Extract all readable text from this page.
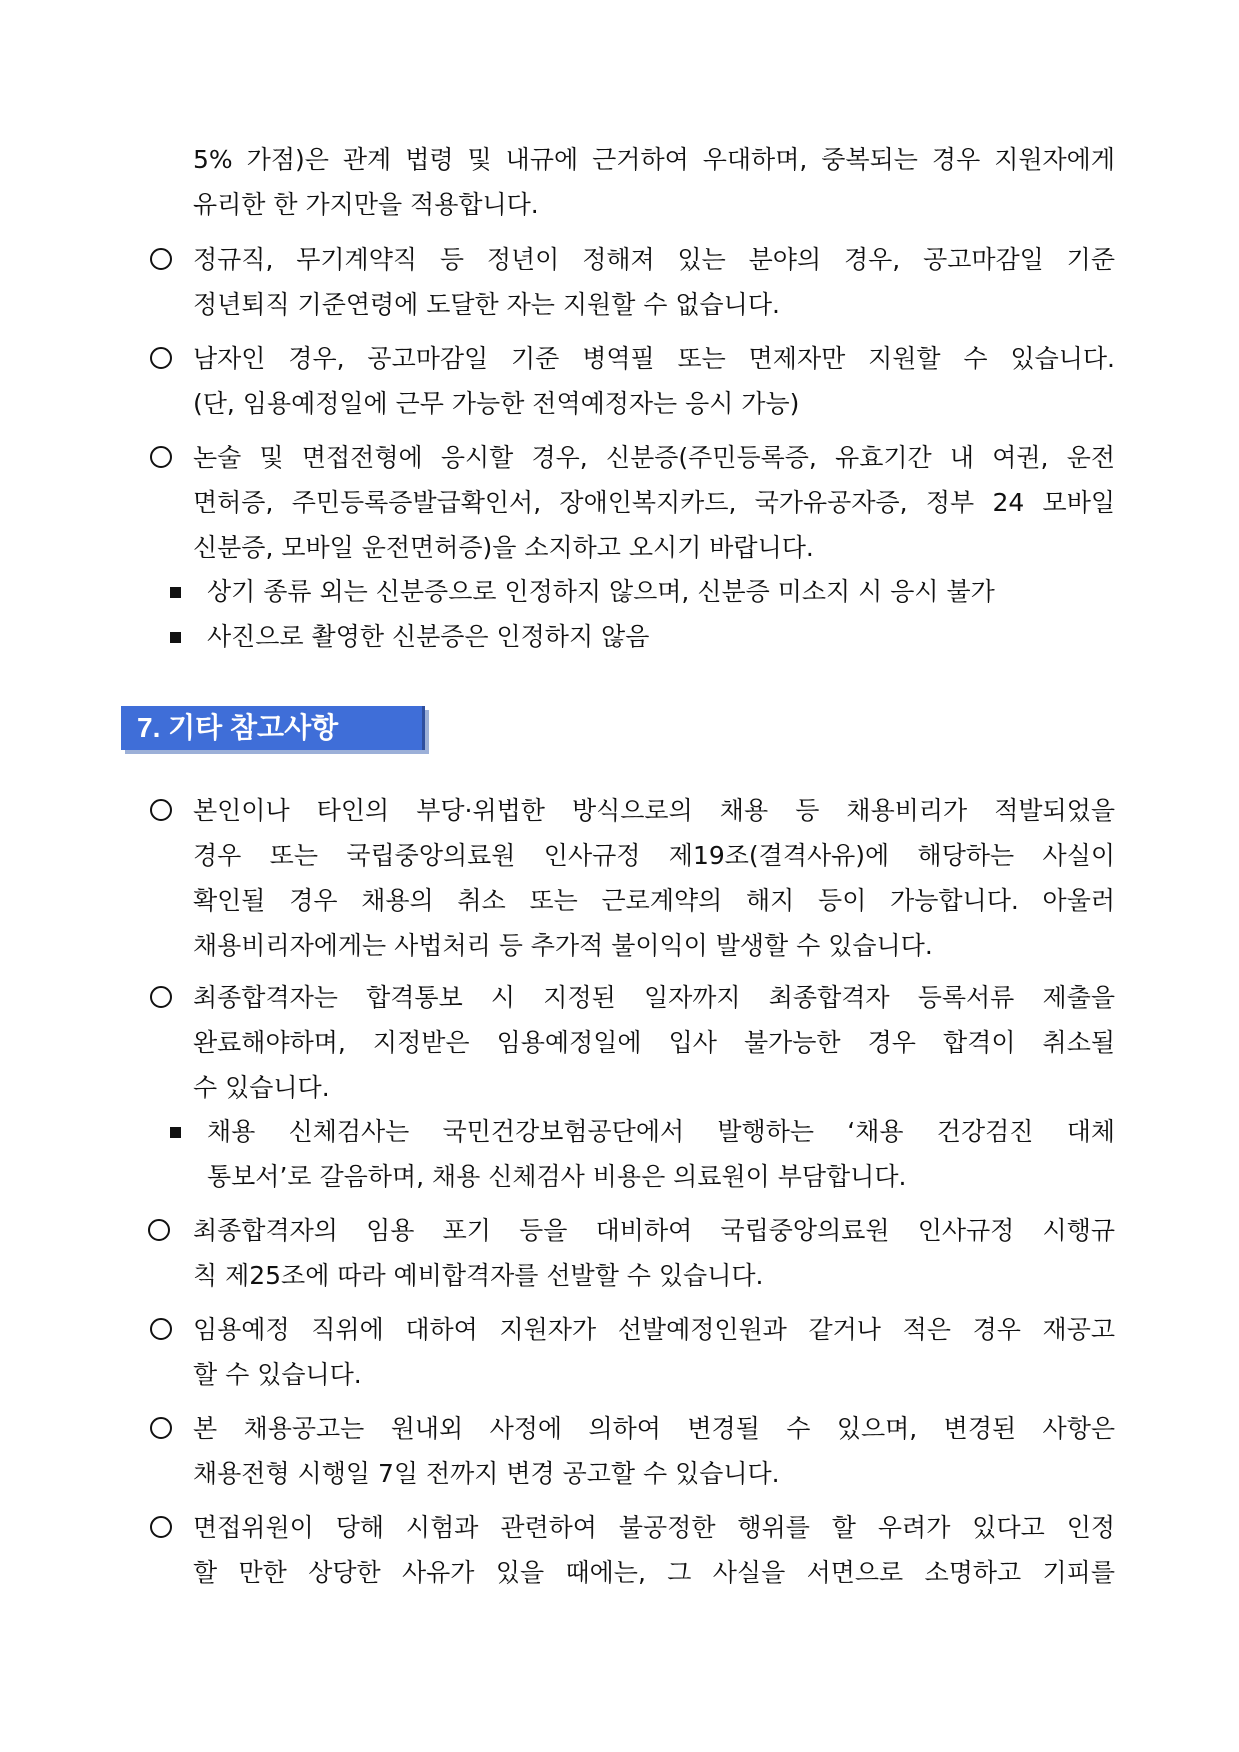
5% 가점)은 관계 법령 및 내규에 근거하여 우대하며, 중복되는 경우 지원자에게

유리한 한 가지만을 적용합니다.

정규직, 무기계약직 등 정년이 정해져 있는 분야의 경우, 공고마감일 기준

정년퇴직 기준연령에 도달한 자는 지원할 수 없습니다.

남자인 경우, 공고마감일 기준 병역필 또는 면제자만 지원할 수 있습니다.

(단, 임용예정일에 근무 가능한 전역예정자는 응시 가능)

논술 및 면접전형에 응시할 경우, 신분증(주민등록증, 유효기간 내 여권, 운전

면허증, 주민등록증발급확인서, 장애인복지카드, 국가유공자증, 정부 24 모바일

신분증, 모바일 운전면허증)을 소지하고 오시기 바랍니다.

상기 종류 외는 신분증으로 인정하지 않으며, 신분증 미소지 시 응시 불가

사진으로 촬영한 신분증은 인정하지 않음

7. 기타 참고사항

본인이나 타인의 부당·위법한 방식으로의 채용 등 채용비리가 적발되었을

경우 또는 국립중앙의료원 인사규정 제19조(결격사유)에 해당하는 사실이

확인될 경우 채용의 취소 또는 근로계약의 해지 등이 가능합니다. 아울러

채용비리자에게는 사법처리 등 추가적 불이익이 발생할 수 있습니다.

최종합격자는 합격통보 시 지정된 일자까지 최종합격자 등록서류 제출을

완료해야하며, 지정받은 임용예정일에 입사 불가능한 경우 합격이 취소될

수 있습니다.

채용 신체검사는 국민건강보험공단에서 발행하는 ‘채용 건강검진 대체

통보서’로 갈음하며, 채용 신체검사 비용은 의료원이 부담합니다.

최종합격자의 임용 포기 등을 대비하여 국립중앙의료원 인사규정 시행규

칙 제25조에 따라 예비합격자를 선발할 수 있습니다.

임용예정 직위에 대하여 지원자가 선발예정인원과 같거나 적은 경우 재공고

할 수 있습니다.

본 채용공고는 원내외 사정에 의하여 변경될 수 있으며, 변경된 사항은

채용전형 시행일 7일 전까지 변경 공고할 수 있습니다.

면접위원이 당해 시험과 관련하여 불공정한 행위를 할 우려가 있다고 인정

할 만한 상당한 사유가 있을 때에는, 그 사실을 서면으로 소명하고 기피를
